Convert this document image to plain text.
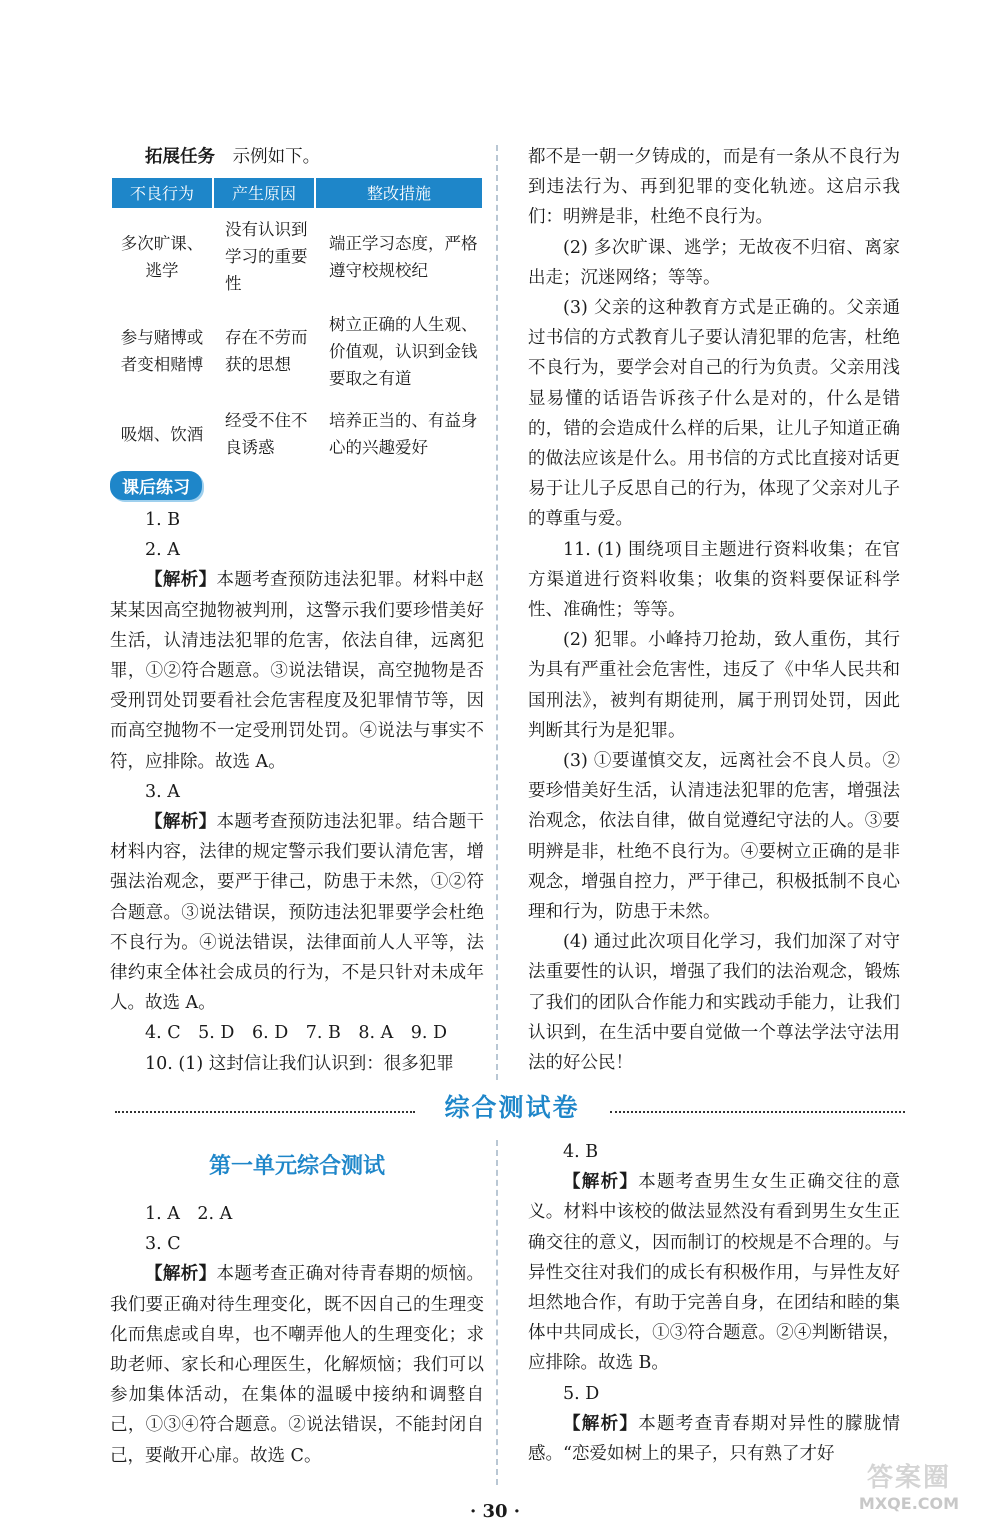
拓展任务 示例如下。

不良行为	产生原因	整改措施
多次旷课、逃学	没有认识到学习的重要性	端正学习态度，严格遵守校规校纪
参与赌博或者变相赌博	存在不劳而获的思想	树立正确的人生观、价值观，认识到金钱要取之有道
吸烟、饮酒	经受不住不良诱惑	培养正当的、有益身心的兴趣爱好
课后练习

1. B

2. A

【解析】本题考查预防违法犯罪。材料中赵某某因高空抛物被判刑，这警示我们要珍惜美好生活，认清违法犯罪的危害，依法自律，远离犯罪，①②符合题意。③说法错误，高空抛物是否受刑罚处罚要看社会危害程度及犯罪情节等，因而高空抛物不一定受刑罚处罚。④说法与事实不符，应排除。故选 A。

3. A

【解析】本题考查预防违法犯罪。结合题干材料内容，法律的规定警示我们要认清危害，增强法治观念，要严于律己，防患于未然，①②符合题意。③说法错误，预防违法犯罪要学会杜绝不良行为。④说法错误，法律面前人人平等，法律约束全体社会成员的行为，不是只针对未成年人。故选 A。

4. C　5. D　6. D　7. B　8. A　9. D

10. (1) 这封信让我们认识到：很多犯罪

都不是一朝一夕铸成的，而是有一条从不良行为到违法行为、再到犯罪的变化轨迹。这启示我们：明辨是非，杜绝不良行为。

(2) 多次旷课、逃学；无故夜不归宿、离家出走；沉迷网络；等等。

(3) 父亲的这种教育方式是正确的。父亲通过书信的方式教育儿子要认清犯罪的危害，杜绝不良行为，要学会对自己的行为负责。父亲用浅显易懂的话语告诉孩子什么是对的，什么是错的，错的会造成什么样的后果，让儿子知道正确的做法应该是什么。用书信的方式比直接对话更易于让儿子反思自己的行为，体现了父亲对儿子的尊重与爱。

11. (1) 围绕项目主题进行资料收集；在官方渠道进行资料收集；收集的资料要保证科学性、准确性；等等。

(2) 犯罪。小峰持刀抢劫，致人重伤，其行为具有严重社会危害性，违反了《中华人民共和国刑法》，被判有期徒刑，属于刑罚处罚，因此判断其行为是犯罪。

(3) ①要谨慎交友，远离社会不良人员。②要珍惜美好生活，认清违法犯罪的危害，增强法治观念，依法自律，做自觉遵纪守法的人。③要明辨是非，杜绝不良行为。④要树立正确的是非观念，增强自控力，严于律己，积极抵制不良心理和行为，防患于未然。

(4) 通过此次项目化学习，我们加深了对守法重要性的认识，增强了我们的法治观念，锻炼了我们的团队合作能力和实践动手能力，让我们认识到，在生活中要自觉做一个尊法学法守法用法的好公民！

综合测试卷
第一单元综合测试

1. A　2. A

3. C

【解析】本题考查正确对待青春期的烦恼。我们要正确对待生理变化，既不因自己的生理变化而焦虑或自卑，也不嘲弄他人的生理变化；求助老师、家长和心理医生，化解烦恼；我们可以参加集体活动，在集体的温暖中接纳和调整自己，①③④符合题意。②说法错误，不能封闭自己，要敞开心扉。故选 C。

4. B

【解析】本题考查男生女生正确交往的意义。材料中该校的做法显然没有看到男生女生正确交往的意义，因而制订的校规是不合理的。与异性交往对我们的成长有积极作用，与异性友好坦然地合作，有助于完善自身，在团结和睦的集体中共同成长，①③符合题意。②④判断错误，应排除。故选 B。

5. D

【解析】本题考查青春期对异性的朦胧情感。“恋爱如树上的果子，只有熟了才好

· 30 ·
答案圈
MXQE.COM
